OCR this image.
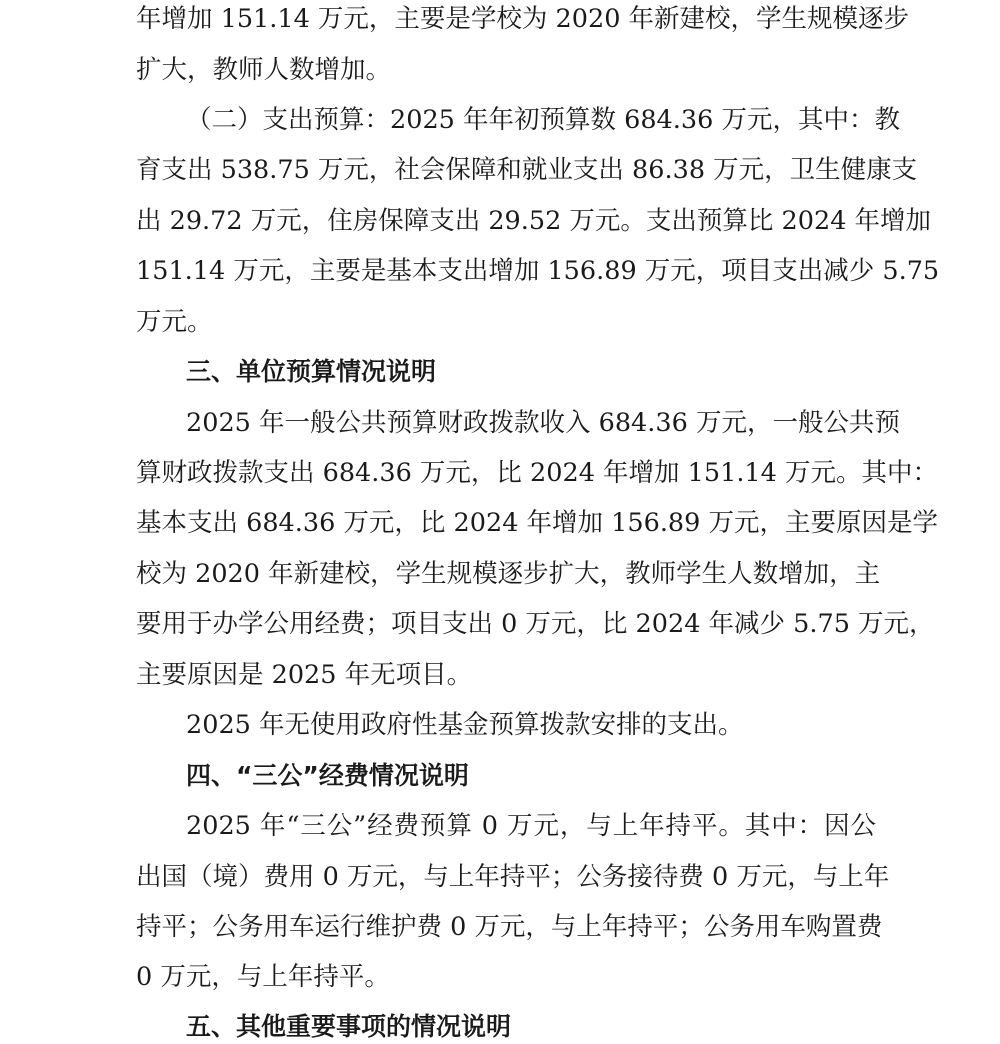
年增加 151.14 万元，主要是学校为 2020 年新建校，学生规模逐步
扩大，教师人数增加。
（二）支出预算：2025 年年初预算数 684.36 万元，其中：教
育支出 538.75 万元，社会保障和就业支出 86.38 万元，卫生健康支
出 29.72 万元，住房保障支出 29.52 万元。支出预算比 2024 年增加
151.14 万元，主要是基本支出增加 156.89 万元，项目支出减少 5.75
万元。
三、单位预算情况说明
2025 年一般公共预算财政拨款收入 684.36 万元，一般公共预
算财政拨款支出 684.36 万元，比 2024 年增加 151.14 万元。其中：
基本支出 684.36 万元，比 2024 年增加 156.89 万元，主要原因是学
校为 2020 年新建校，学生规模逐步扩大，教师学生人数增加，主
要用于办学公用经费；项目支出 0 万元，比 2024 年减少 5.75 万元，
主要原因是 2025 年无项目。
2025 年无使用政府性基金预算拨款安排的支出。
四、“三公”经费情况说明
2025 年“三公”经费预算 0 万元，与上年持平。其中：因公
出国（境）费用 0 万元，与上年持平；公务接待费 0 万元，与上年
持平；公务用车运行维护费 0 万元，与上年持平；公务用车购置费
0 万元，与上年持平。
五、其他重要事项的情况说明
